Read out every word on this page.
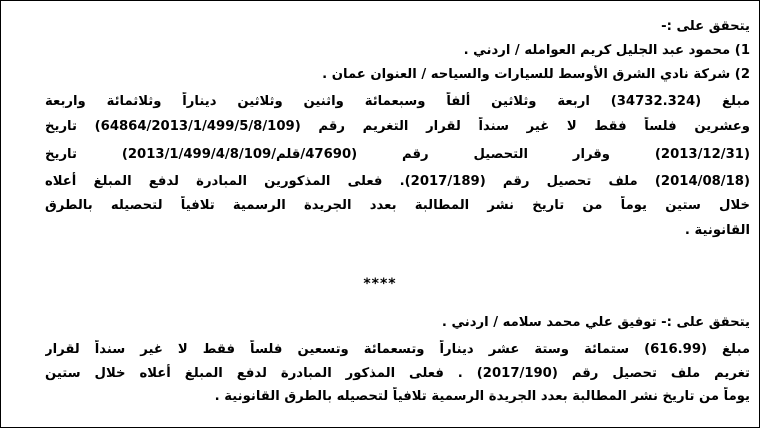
يتحقق على :-
1) محمود عبد الجليل كريم العوامله / اردني .
2) شركة نادي الشرق الأوسط للسيارات والسياحه / العنوان عمان .
مبلغ (34732.324) اربعة وثلاثين ألفاً وسبعمائة واثنين وثلاثين ديناراً وثلاثمائة واربعة
وعشرين فلساً فقط لا غير سنداً لقرار التغريم رقم (64864/2013/1/499/5/8/109) تاريخ
(2013/12/31) وقرار التحصيل رقم (47690/قلم/2013/1/499/4/8/109) تاريخ
(2014/08/18) ملف تحصيل رقم (2017/189). فعلى المذكورين المبادرة لدفع المبلغ أعلاه
خلال ستين يوماً من تاريخ نشر المطالبة بعدد الجريدة الرسمية تلافياً لتحصيله بالطرق
القانونية .
****
يتحقق على :- توفيق علي محمد سلامه / اردني .
مبلغ (616.99) ستمائة وستة عشر ديناراً وتسعمائة وتسعين فلساً فقط لا غير سنداً لقرار
تغريم ملف تحصيل رقم (2017/190) . فعلى المذكور المبادرة لدفع المبلغ أعلاه خلال ستين
يوماً من تاريخ نشر المطالبة بعدد الجريدة الرسمية تلافياً لتحصيله بالطرق القانونية .
